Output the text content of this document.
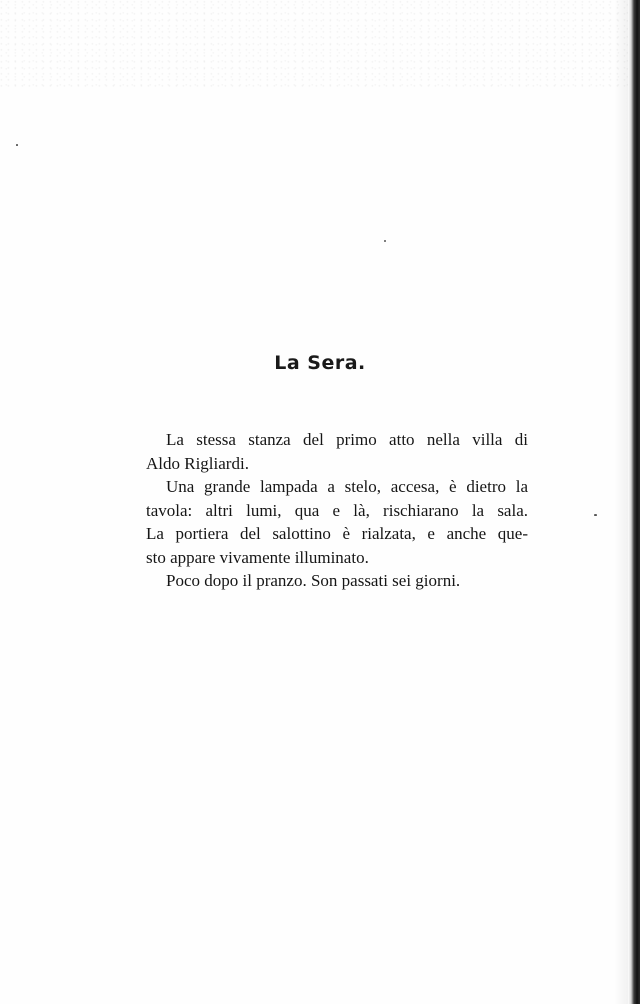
La Sera.
La stessa stanza del primo atto nella villa di
Aldo Rigliardi.
Una grande lampada a stelo, accesa, è dietro la
tavola: altri lumi, qua e là, rischiarano la sala.
La portiera del salottino è rialzata, e anche que-
sto appare vivamente illuminato.
Poco dopo il pranzo. Son passati sei giorni.
